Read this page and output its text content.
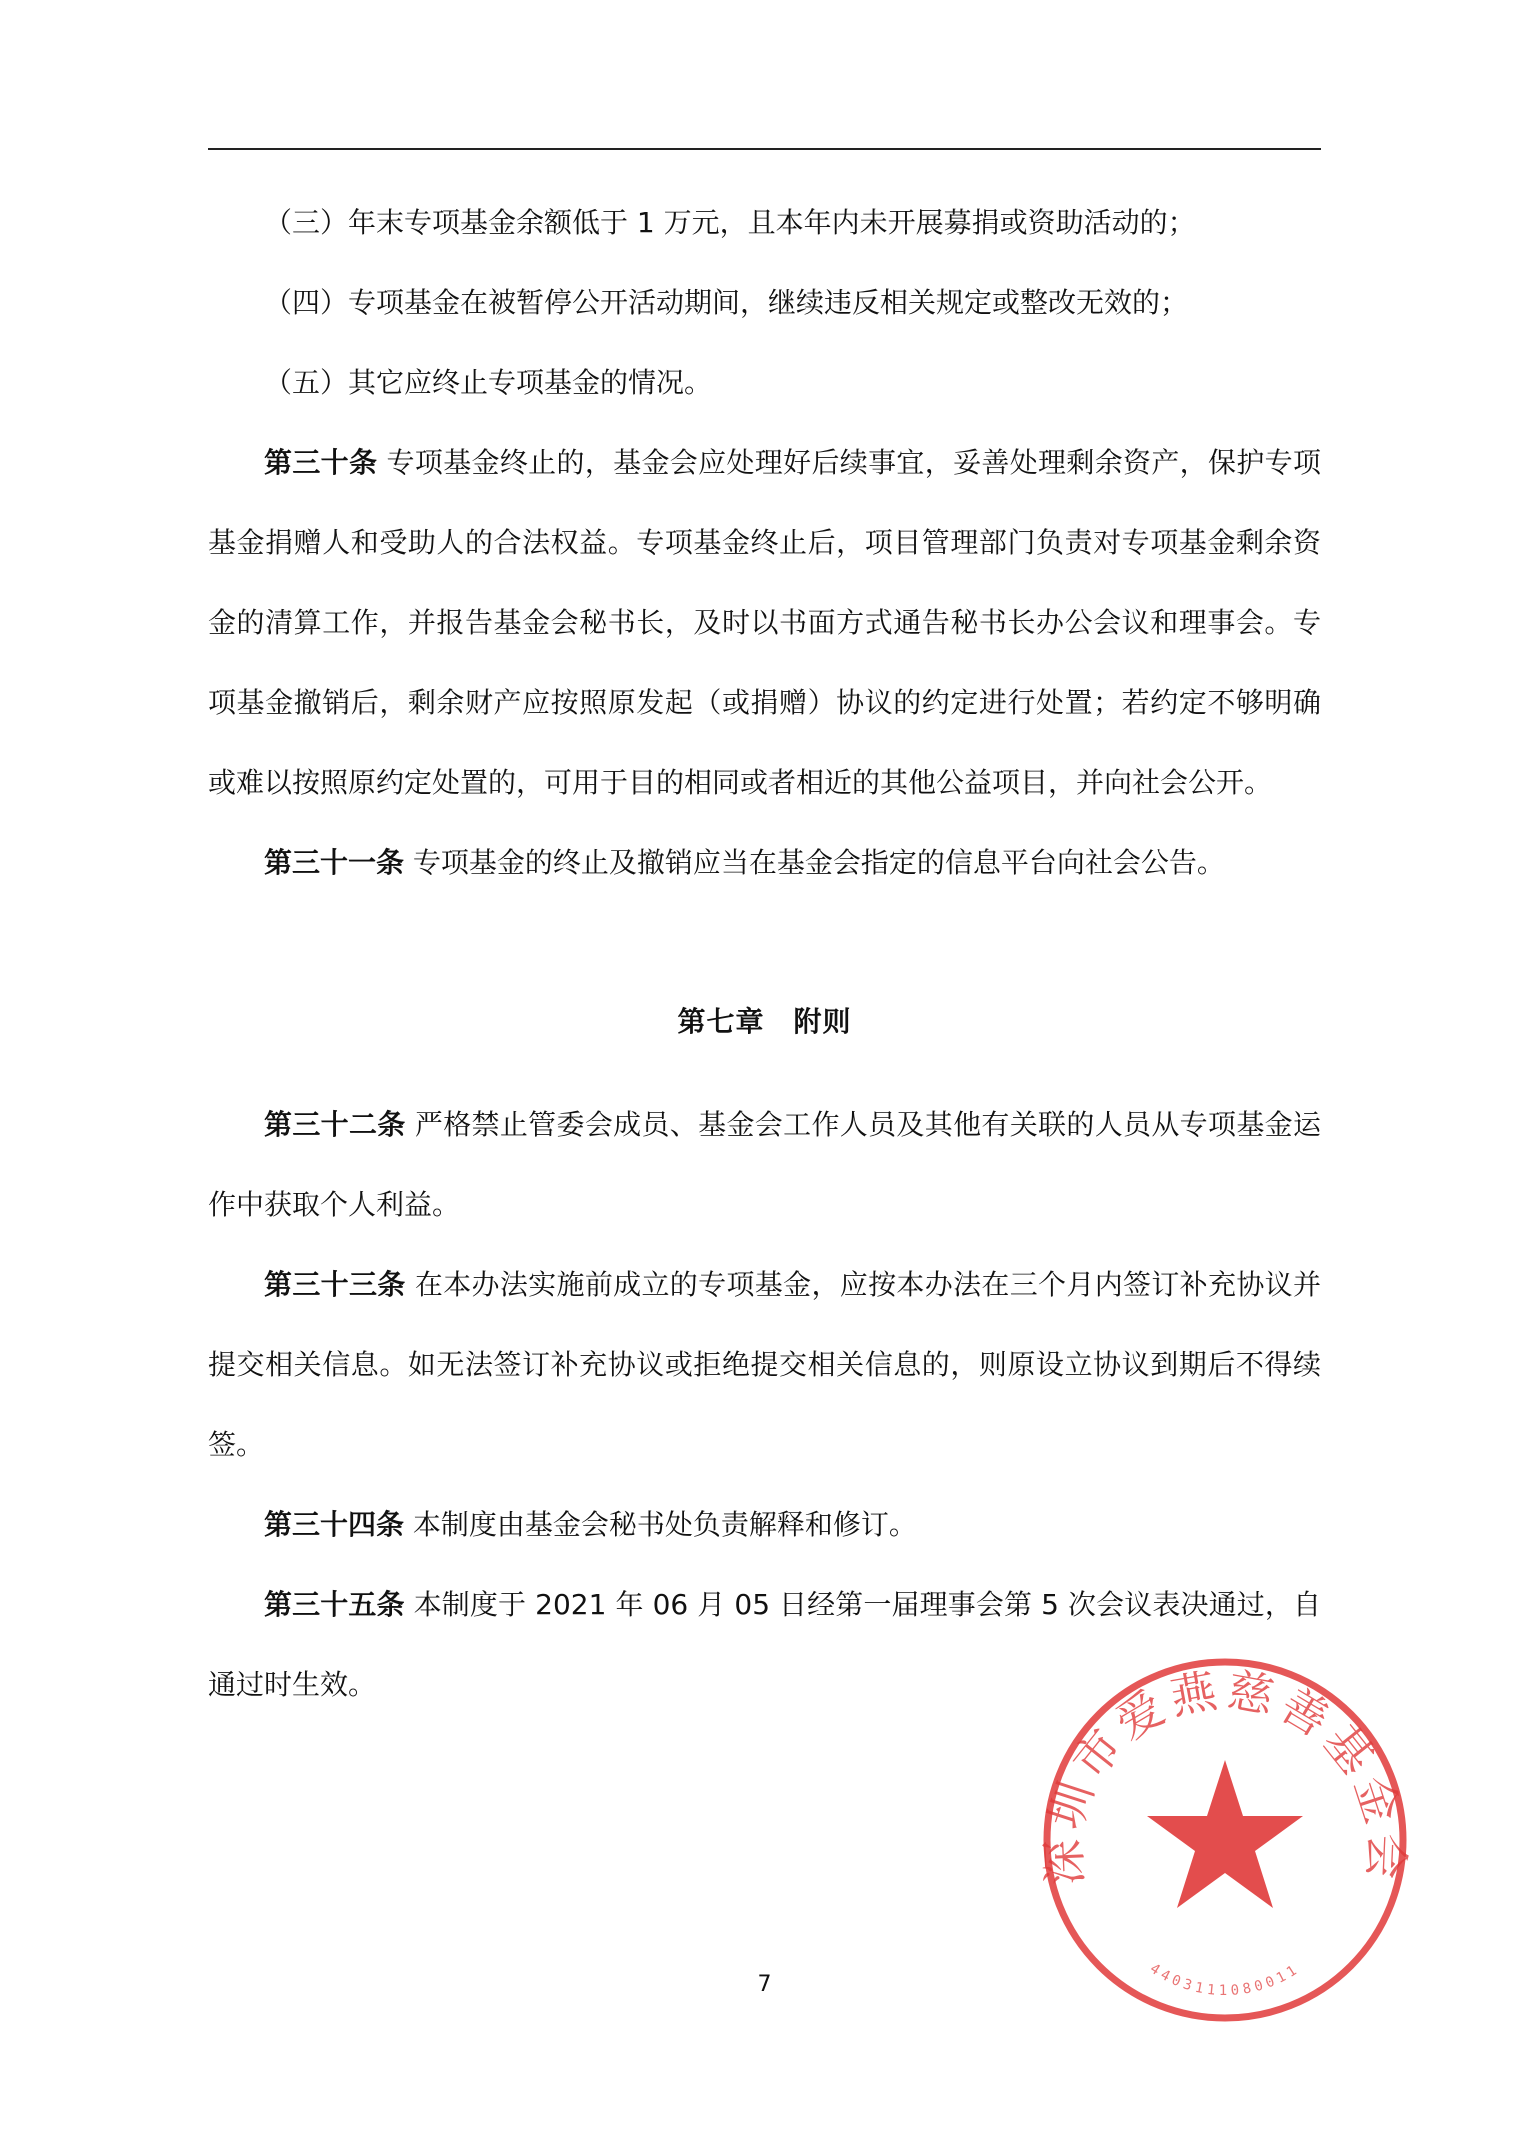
（三）年末专项基金余额低于 1 万元，且本年内未开展募捐或资助活动的；

（四）专项基金在被暂停公开活动期间，继续违反相关规定或整改无效的；

（五）其它应终止专项基金的情况。

第三十条 专项基金终止的，基金会应处理好后续事宜，妥善处理剩余资产，保护专项基金捐赠人和受助人的合法权益。专项基金终止后，项目管理部门负责对专项基金剩余资金的清算工作，并报告基金会秘书长，及时以书面方式通告秘书长办公会议和理事会。专项基金撤销后，剩余财产应按照原发起（或捐赠）协议的约定进行处置；若约定不够明确或难以按照原约定处置的，可用于目的相同或者相近的其他公益项目，并向社会公开。

第三十一条 专项基金的终止及撤销应当在基金会指定的信息平台向社会公告。

第七章　附则

第三十二条 严格禁止管委会成员、基金会工作人员及其他有关联的人员从专项基金运作中获取个人利益。

第三十三条 在本办法实施前成立的专项基金，应按本办法在三个月内签订补充协议并提交相关信息。如无法签订补充协议或拒绝提交相关信息的，则原设立协议到期后不得续签。

第三十四条 本制度由基金会秘书处负责解释和修订。

第三十五条 本制度于 2021 年 06 月 05 日经第一届理事会第 5 次会议表决通过，自通过时生效。

深圳市爱燕慈善基金会
4403111080011
7
